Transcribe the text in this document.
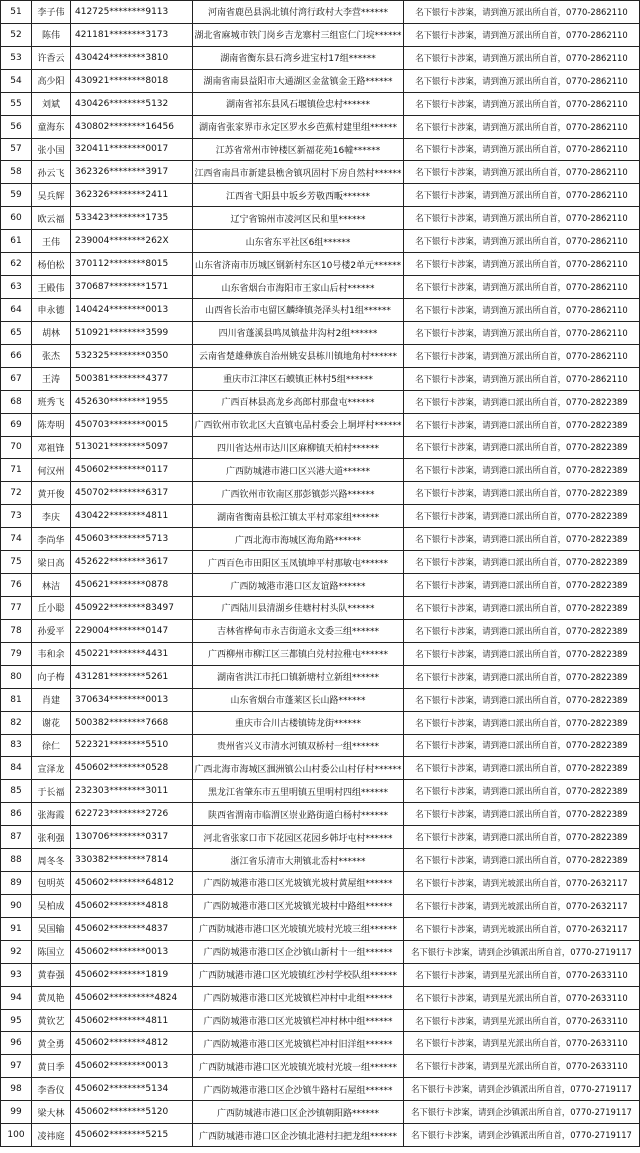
51	李子伟	412725********9113	河南省鹿邑县涡北镇付湾行政村大李营******	名下银行卡涉案，请到渔万派出所自首，0770-2862110
52	陈伟	421181********3173	湖北省麻城市铁门岗乡吉龙寨村三组宦仁门垸******	名下银行卡涉案，请到渔万派出所自首，0770-2862110
53	许香云	430424********3810	湖南省衡东县石湾乡进宝村17组******	名下银行卡涉案，请到渔万派出所自首，0770-2862110
54	高少阳	430921********8018	湖南省南县益阳市大通湖区金盆镇金王路******	名下银行卡涉案，请到渔万派出所自首，0770-2862110
55	刘斌	430426********5132	湖南省祁东县风石堰镇俭忠村******	名下银行卡涉案，请到渔万派出所自首，0770-2862110
56	童海东	430802********16456	湖南省张家界市永定区罗水乡芭蕉村建里组******	名下银行卡涉案，请到渔万派出所自首，0770-2862110
57	张小国	320411********0017	江苏省常州市钟楼区新福花苑16幢******	名下银行卡涉案，请到渔万派出所自首，0770-2862110
58	孙云飞	362326********3917	江西省南昌市新建县樵舍镇巩固村下房自然村******	名下银行卡涉案，请到渔万派出所自首，0770-2862110
59	吴兵辉	362326********2411	江西省弋阳县中坂乡芳敬西畈******	名下银行卡涉案，请到渔万派出所自首，0770-2862110
60	欧云福	533423********1735	辽宁省锦州市凌河区民和里******	名下银行卡涉案，请到渔万派出所自首，0770-2862110
61	王伟	239004********262X	山东省东平社区6组******	名下银行卡涉案，请到渔万派出所自首，0770-2862110
62	杨伯松	370112********8015	山东省济南市历城区钢新村东区10号楼2单元******	名下银行卡涉案，请到渔万派出所自首，0770-2862110
63	王殿伟	370687********1571	山东省烟台市海阳市王家山后村******	名下银行卡涉案，请到渔万派出所自首，0770-2862110
64	申永德	140424********0013	山西省长治市屯留区麟绛镇尧泽头村1组******	名下银行卡涉案，请到渔万派出所自首，0770-2862110
65	胡林	510921********3599	四川省蓬溪县鸣凤镇盐井沟村2组******	名下银行卡涉案，请到渔万派出所自首，0770-2862110
66	张杰	532325********0350	云南省楚雄彝族自治州姚安县栋川镇地角村******	名下银行卡涉案，请到渔万派出所自首，0770-2862110
67	王涛	500381********4377	重庆市江津区石蟆镇正林村5组******	名下银行卡涉案，请到渔万派出所自首，0770-2862110
68	班秀飞	452630********1955	广西百林县高龙乡高郎村那盘屯******	名下银行卡涉案，请到港口派出所自首，0770-2822389
69	陈寿明	450703********0015	广西钦州市钦北区大直镇屯品村委会上垌坪村******	名下银行卡涉案，请到港口派出所自首，0770-2822389
70	邓祖锋	513021********5097	四川省达州市达川区麻柳镇天柏村******	名下银行卡涉案，请到港口派出所自首，0770-2822389
71	何汉州	450602********0117	广西防城港市港口区兴港大道******	名下银行卡涉案，请到港口派出所自首，0770-2822389
72	黄开俊	450702********6317	广西钦州市钦南区那彭镇彭兴路******	名下银行卡涉案，请到港口派出所自首，0770-2822389
73	李庆	430422********4811	湖南省衡南县松江镇太平村邓家组******	名下银行卡涉案，请到港口派出所自首，0770-2822389
74	李尚华	450603********5713	广西北海市海城区海角路******	名下银行卡涉案，请到港口派出所自首，0770-2822389
75	梁日高	452622********3617	广西百色市田阳区玉凤镇坤平村那敏屯******	名下银行卡涉案，请到港口派出所自首，0770-2822389
76	林洁	450621********0878	广西防城港市港口区友谊路******	名下银行卡涉案，请到港口派出所自首，0770-2822389
77	丘小聪	450922********83497	广西陆川县清湖乡佳塘村村头队******	名下银行卡涉案，请到港口派出所自首，0770-2822389
78	孙爱平	229004********0147	吉林省桦甸市永吉街道永文委三组******	名下银行卡涉案，请到港口派出所自首，0770-2822389
79	韦和余	450221********4431	广西柳州市柳江区三都镇白兑村拉稚屯******	名下银行卡涉案，请到港口派出所自首，0770-2822389
80	向子梅	431281********5261	湖南省洪江市托口镇新塘村立新组******	名下银行卡涉案，请到港口派出所自首，0770-2822389
81	肖建	370634********0013	山东省烟台市蓬莱区长山路******	名下银行卡涉案，请到港口派出所自首，0770-2822389
82	谢花	500382********7668	重庆市合川古楼镇铸龙街******	名下银行卡涉案，请到港口派出所自首，0770-2822389
83	徐仁	522321********5510	贵州省兴义市清水河镇双桥村一组******	名下银行卡涉案，请到港口派出所自首，0770-2822389
84	宣泽龙	450602********0528	广西北海市海城区涠洲镇公山村委公山村仔村******	名下银行卡涉案，请到港口派出所自首，0770-2822389
85	于长福	232303********3011	黑龙江省肇东市五里明镇五里明村四组******	名下银行卡涉案，请到港口派出所自首，0770-2822389
86	张海霞	622723********2726	陕西省渭南市临渭区崇业路街道白杨村******	名下银行卡涉案，请到港口派出所自首，0770-2822389
87	张利强	130706********0317	河北省张家口市下花园区花园乡韩圩屯村******	名下银行卡涉案，请到港口派出所自首，0770-2822389
88	周冬冬	330382********7814	浙江省乐清市大荆镇北岙村******	名下银行卡涉案，请到港口派出所自首，0770-2822389
89	包明英	450602********64812	广西防城港市港口区光坡镇光坡村黄屋组******	名下银行卡涉案，请到光坡派出所自首，0770-2632117
90	吴柏成	450602********4818	广西防城港市港口区光坡镇光坡村中路组******	名下银行卡涉案，请到光坡派出所自首，0770-2632117
91	吴国输	450602********4837	广西防城港市港口区光坡镇光坡村光坡三组******	名下银行卡涉案，请到光坡派出所自首，0770-2632117
92	陈国立	450602********0013	广西防城港市港口区企沙镇山新村十一组******	名下银行卡涉案，请到企沙镇派出所自首，0770-2719117
93	黄春强	450602********1819	广西防城港市港口区光坡镇红沙村学校队组******	名下银行卡涉案，请到星光派出所自首，0770-2633110
94	黄凤艳	450602**********4824	广西防城港市港口区光坡镇栏冲村中北组******	名下银行卡涉案，请到星光派出所自首，0770-2633110
95	黄钦艺	450602********4811	广西防城港市港口区光坡镇栏冲村林中组******	名下银行卡涉案，请到星光派出所自首，0770-2633110
96	黄全勇	450602********4812	广西防城港市港口区光坡镇栏冲村旧洋组******	名下银行卡涉案，请到星光派出所自首，0770-2633110
97	黄日季	450602********0013	广西防城港市港口区光坡镇光坡村光坡一组******	名下银行卡涉案，请到星光派出所自首，0770-2633110
98	李香仪	450602********5134	广西防城港市港口区企沙镇牛路村石屋组******	名下银行卡涉案，请到企沙镇派出所自首，0770-2719117
99	梁大林	450602********5120	广西防城港市港口区企沙镇朝阳路******	名下银行卡涉案，请到企沙镇派出所自首，0770-2719117
100	凌祎庭	450602********5215	广西防城港市港口区企沙镇北港村扫把龙组******	名下银行卡涉案，请到企沙镇派出所自首，0770-2719117
